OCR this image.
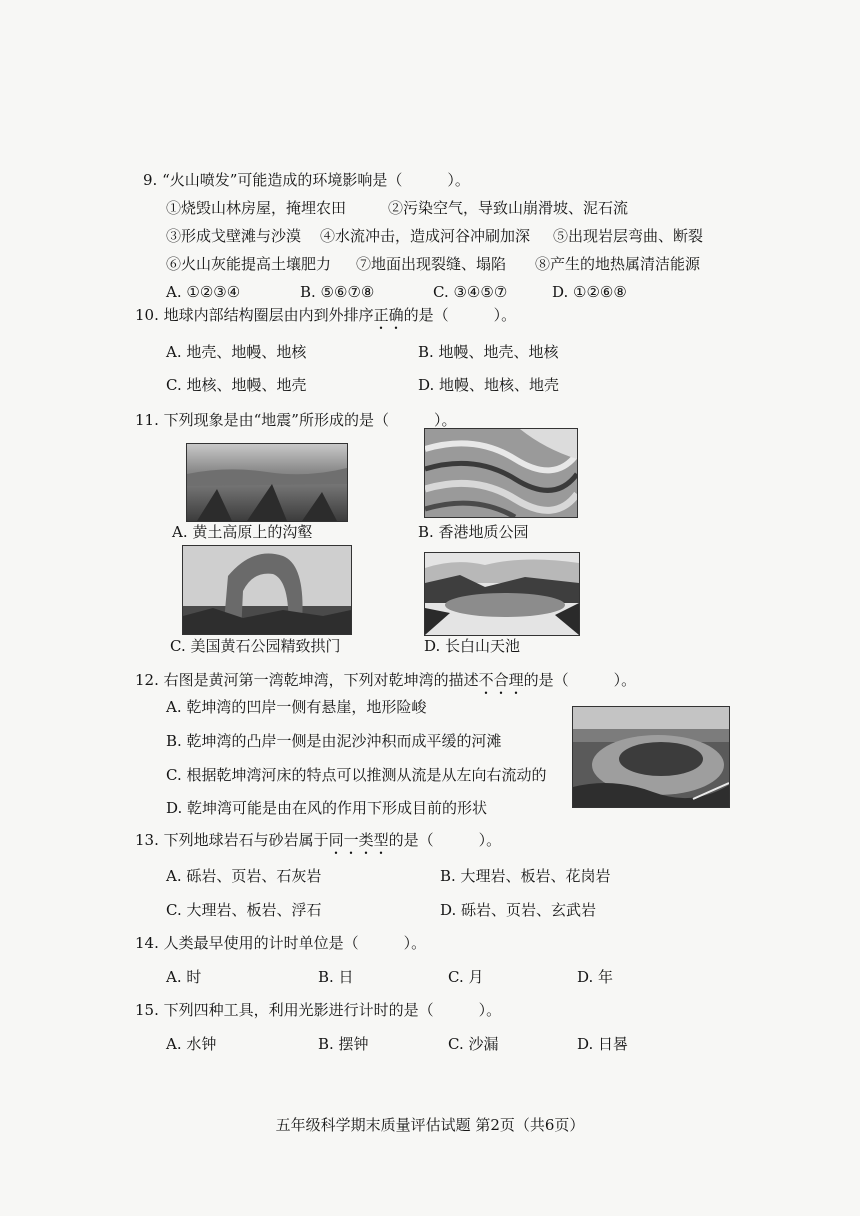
9. “火山喷发”可能造成的环境影响是（　　　）。
①烧毁山林房屋，掩埋农田	②污染空气，导致山崩滑坡、泥石流
③形成戈壁滩与沙漠 ④水流冲击，造成河谷冲刷加深 ⑤出现岩层弯曲、断裂
⑥火山灰能提高土壤肥力 ⑦地面出现裂缝、塌陷 ⑧产生的地热属清洁能源
A. ①②③④	B. ⑤⑥⑦⑧	C. ③④⑤⑦	D. ①②⑥⑧
10. 地球内部结构圈层由内到外排序正确的是（　　　）。
A. 地壳、地幔、地核	B. 地幔、地壳、地核
C. 地核、地幔、地壳	D. 地幔、地核、地壳
11. 下列现象是由“地震”所形成的是（　　　）。
A. 黄土高原上的沟壑	B. 香港地质公园
C. 美国黄石公园精致拱门	D. 长白山天池
12. 右图是黄河第一湾乾坤湾，下列对乾坤湾的描述不合理的是（　　　）。
A. 乾坤湾的凹岸一侧有悬崖，地形险峻
B. 乾坤湾的凸岸一侧是由泥沙沖积而成平缓的河滩
C. 根据乾坤湾河床的特点可以推测从流是从左向右流动的
D. 乾坤湾可能是由在风的作用下形成目前的形状
13. 下列地球岩石与砂岩属于同一类型的是（　　　）。
A. 砾岩、页岩、石灰岩	B. 大理岩、板岩、花岗岩
C. 大理岩、板岩、浮石	D. 砾岩、页岩、玄武岩
14. 人类最早使用的计时单位是（　　　）。
A. 时	B. 日	C. 月	D. 年
15. 下列四种工具，利用光影进行计时的是（　　　）。
A. 水钟	B. 摆钟	C. 沙漏	D. 日晷
五年级科学期末质量评估试题 第2页（共6页）
